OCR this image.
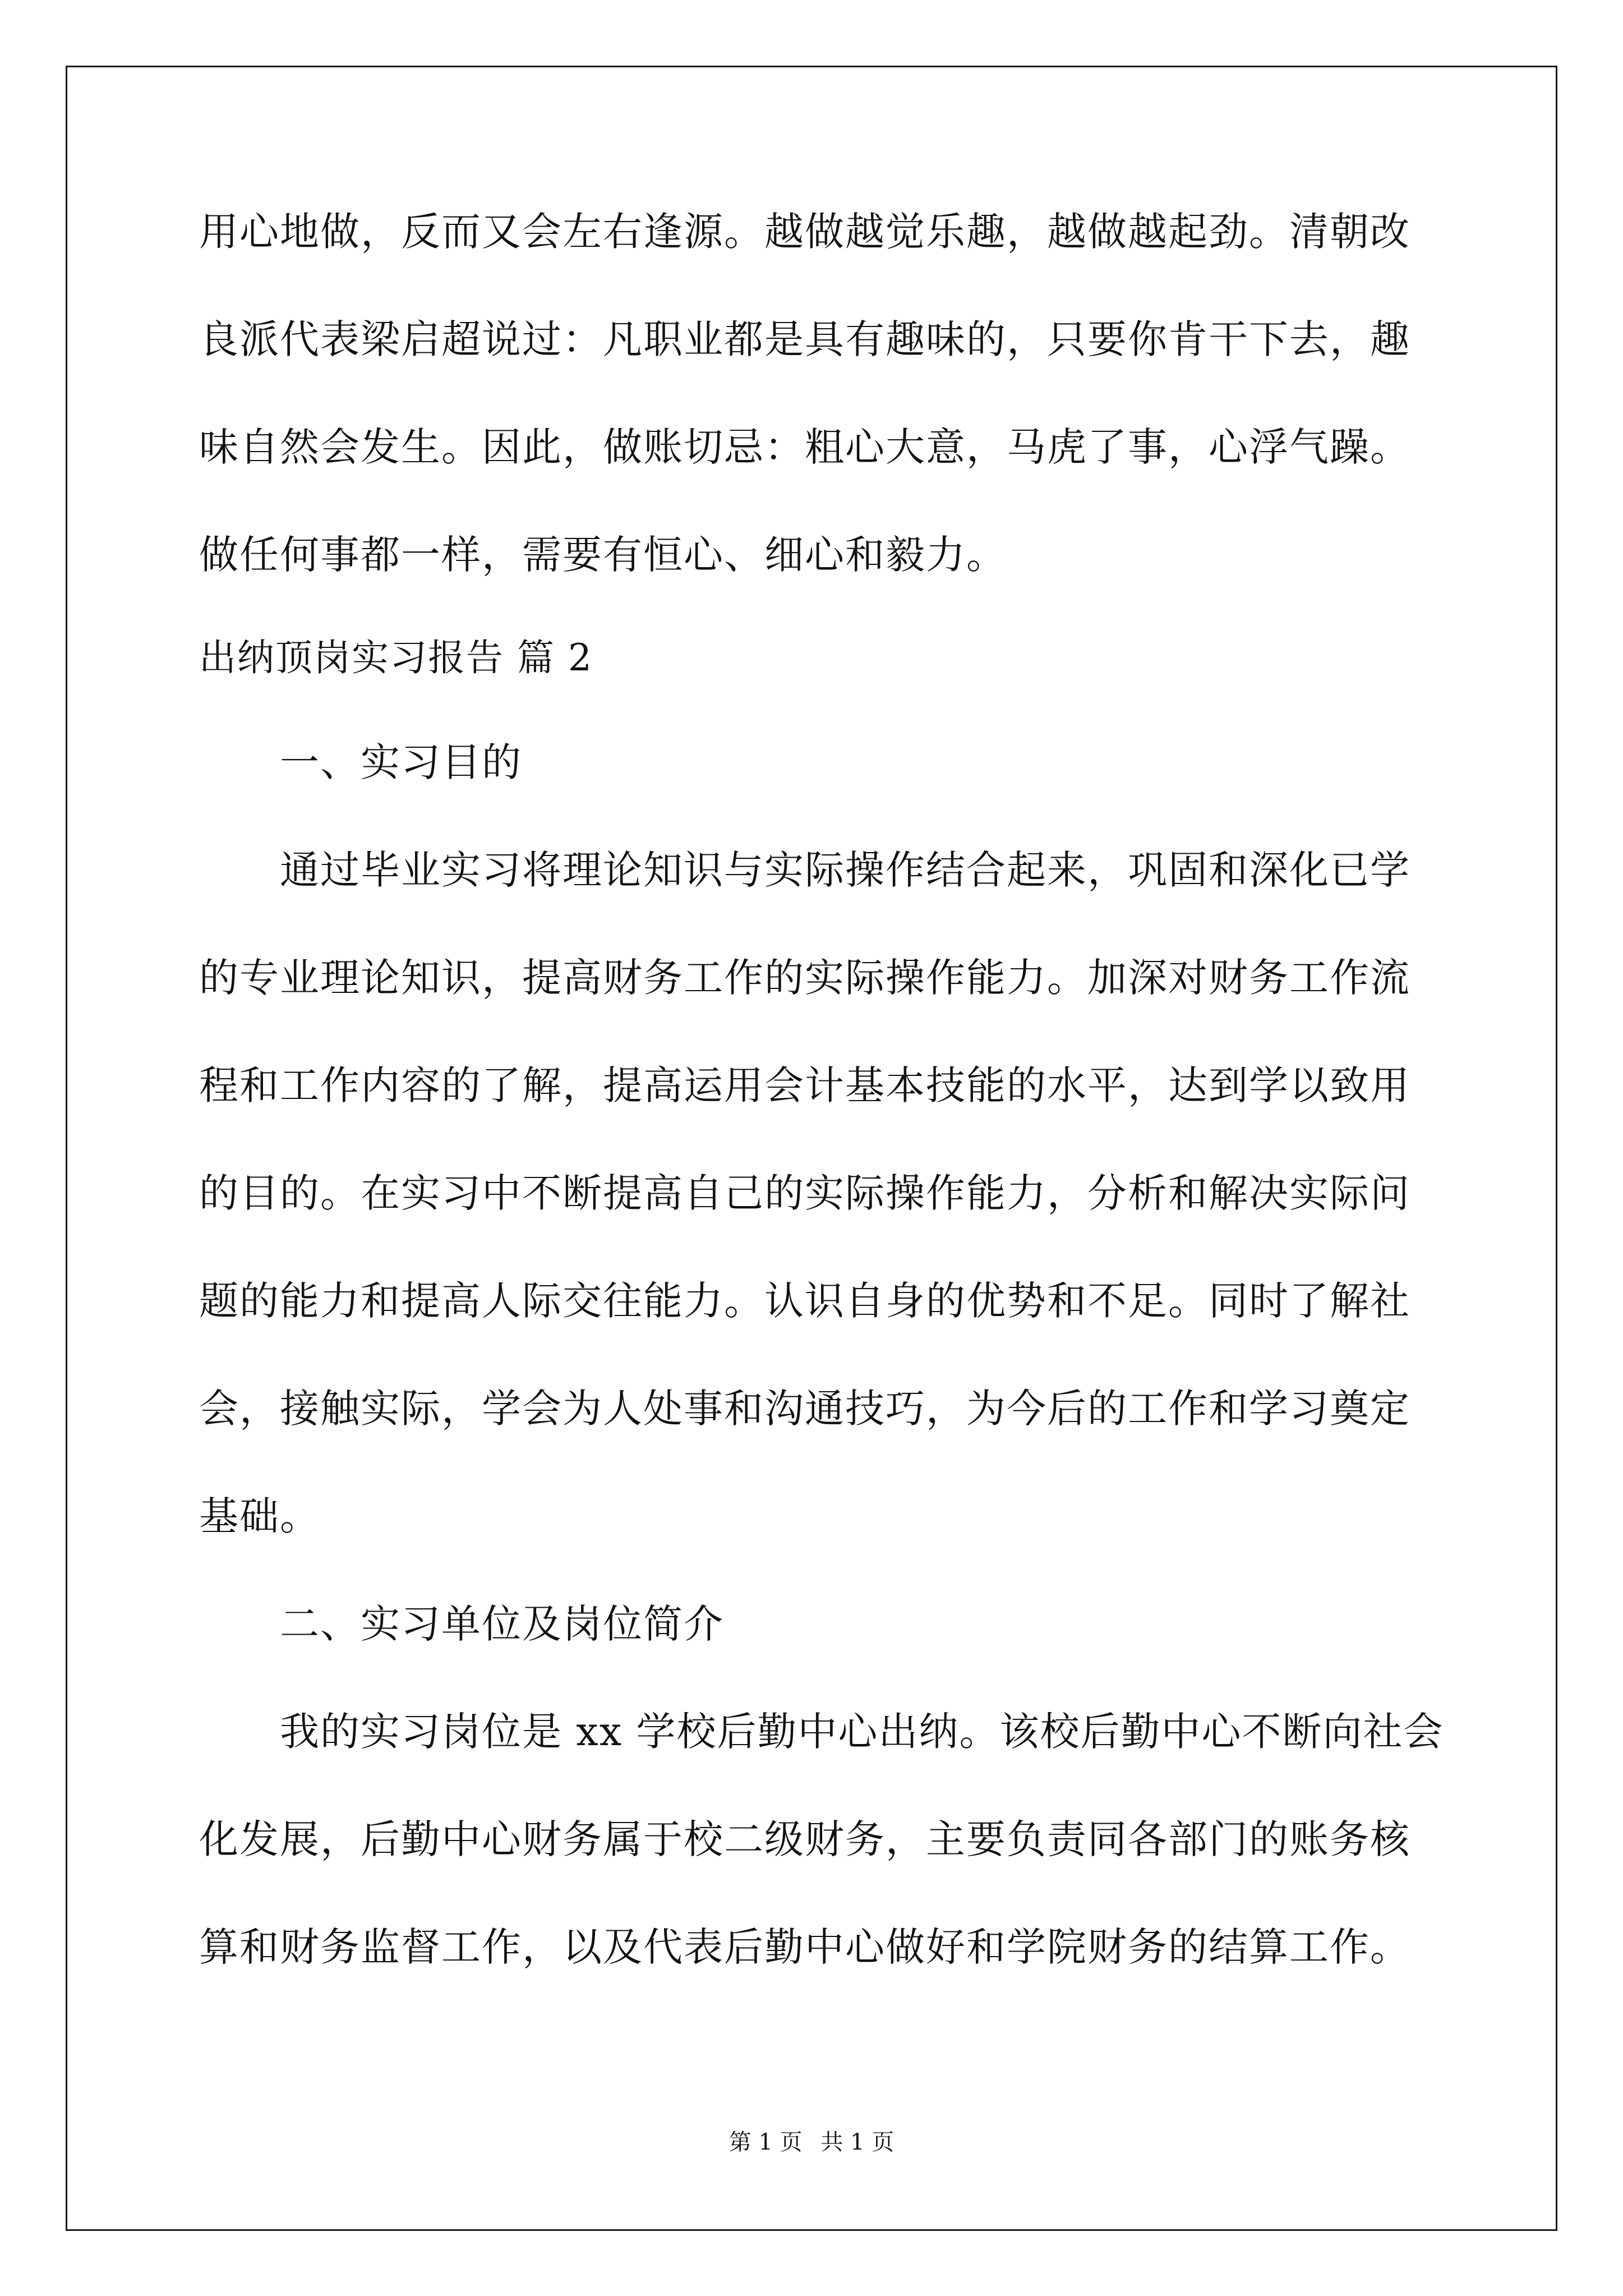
用心地做，反而又会左右逢源。越做越觉乐趣，越做越起劲。清朝改
良派代表梁启超说过：凡职业都是具有趣味的，只要你肯干下去，趣
味自然会发生。因此，做账切忌：粗心大意，马虎了事，心浮气躁。
做任何事都一样，需要有恒心、细心和毅力。
出纳顶岗实习报告 篇 2
一、实习目的
通过毕业实习将理论知识与实际操作结合起来，巩固和深化已学
的专业理论知识，提高财务工作的实际操作能力。加深对财务工作流
程和工作内容的了解，提高运用会计基本技能的水平，达到学以致用
的目的。在实习中不断提高自己的实际操作能力，分析和解决实际问
题的能力和提高人际交往能力。认识自身的优势和不足。同时了解社
会，接触实际，学会为人处事和沟通技巧，为今后的工作和学习奠定
基础。
二、实习单位及岗位简介
我的实习岗位是 xx 学校后勤中心出纳。该校后勤中心不断向社会
化发展，后勤中心财务属于校二级财务，主要负责同各部门的账务核
算和财务监督工作，以及代表后勤中心做好和学院财务的结算工作。
第 1 页 共 1 页
